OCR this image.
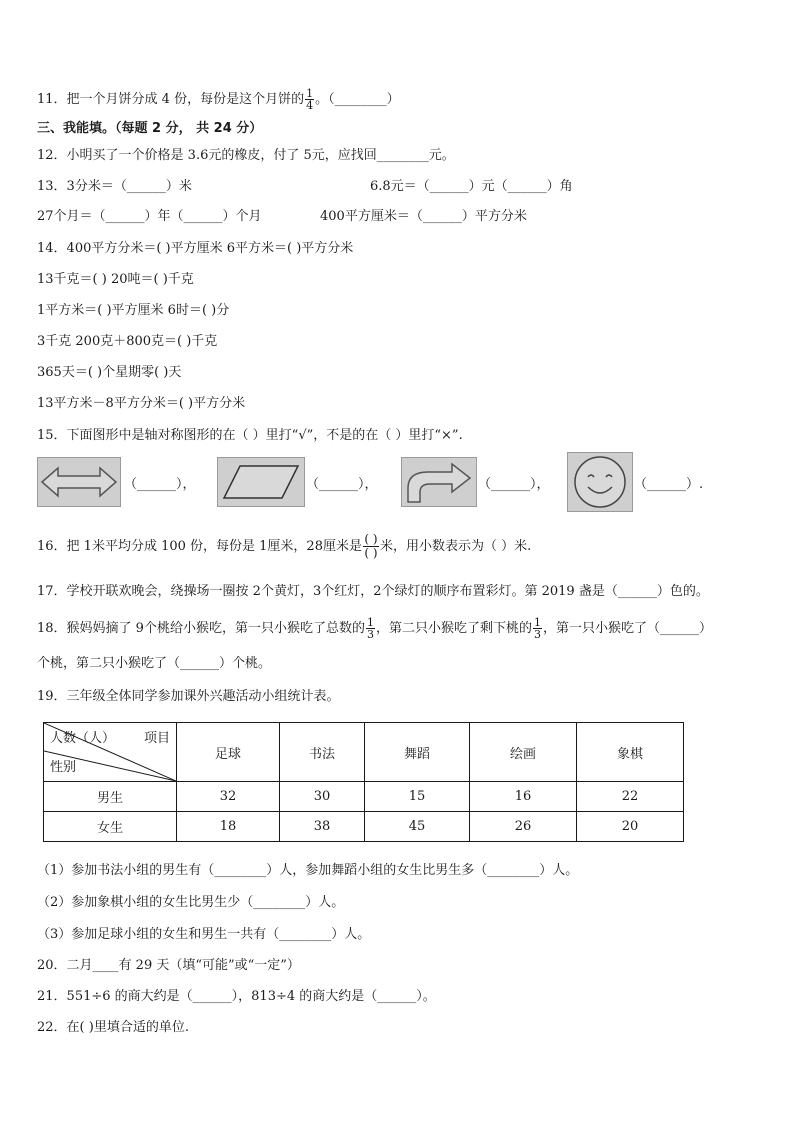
11．把一个月饼分成 4 份，每份是这个月饼的 $\frac{1}{4}$ 。（________）
三、我能填。（每题 2 分， 共 24 分）
12．小明买了一个价格是 3.6元的橡皮，付了 5元，应找回________元。
13．3分米＝（______）米	6.8元＝（______）元（______）角
27个月＝（______）年（______）个月	400平方厘米＝（______）平方分米
14．400平方分米＝( )平方厘米 6平方米＝( )平方分米
13千克＝( ) 20吨＝( )千克
1平方米＝( )平方厘米 6时＝( )分
3千克 200克＋800克＝( )千克
365天＝( )个星期零( )天
13平方米－8平方分米＝( )平方分米
15．下面图形中是轴对称图形的在（ ）里打“√”，不是的在（ ）里打“×”.
（______），	（______），	（______），	（______）.
16．把 1米平均分成 100 份，每份是 1厘米，28厘米是 ( )
( ) 米，用小数表示为（ ）米.
17．学校开联欢晚会，绕操场一圈按 2个黄灯，3个红灯，2个绿灯的顺序布置彩灯。第 2019 盏是（______）色的。
18．猴妈妈摘了 9个桃给小猴吃，第一只小猴吃了总数的 $\frac{1}{3}$ ，第二只小猴吃了剩下桃的 $\frac{1}{3}$ ，第一只小猴吃了（______）
个桃，第二只小猴吃了（______）个桃。
19．三年级全体同学参加课外兴趣活动小组统计表。
项目
人数（人）
性别	足球	书法	舞蹈	绘画	象棋
男生	32	30	15	16	22
女生	18	38	45	26	20
（1）参加书法小组的男生有（________）人，参加舞蹈小组的女生比男生多（________）人。
（2）参加象棋小组的女生比男生少（________）人。
（3）参加足球小组的女生和男生一共有（________）人。
20．二月____有 29 天（填“可能”或“一定”）
21．551÷6 的商大约是（______），813÷4 的商大约是（______）。
22．在( )里填合适的单位.
